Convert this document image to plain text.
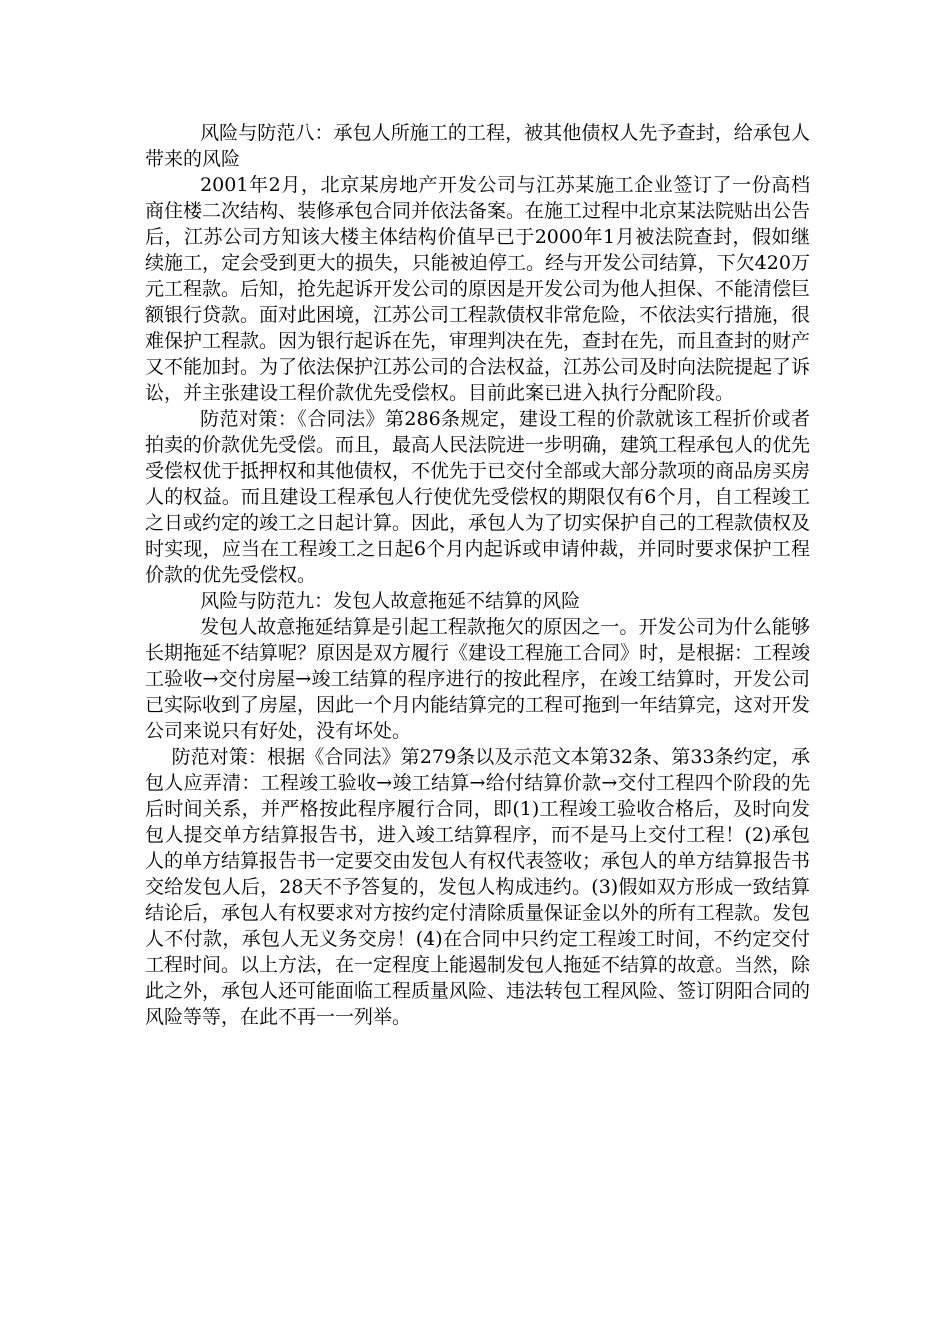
风险与防范八：承包人所施工的工程，被其他债权人先予查封，给承包人带来的风险

2001年2月，北京某房地产开发公司与江苏某施工企业签订了一份高档商住楼二次结构、装修承包合同并依法备案。在施工过程中北京某法院贴出公告后，江苏公司方知该大楼主体结构价值早已于2000年1月被法院查封，假如继续施工，定会受到更大的损失，只能被迫停工。经与开发公司结算，下欠420万元工程款。后知，抢先起诉开发公司的原因是开发公司为他人担保、不能清偿巨额银行贷款。面对此困境，江苏公司工程款债权非常危险，不依法实行措施，很难保护工程款。因为银行起诉在先，审理判决在先，查封在先，而且查封的财产又不能加封。为了依法保护江苏公司的合法权益，江苏公司及时向法院提起了诉讼，并主张建设工程价款优先受偿权。目前此案已进入执行分配阶段。

防范对策：《合同法》第286条规定，建设工程的价款就该工程折价或者拍卖的价款优先受偿。而且，最高人民法院进一步明确，建筑工程承包人的优先受偿权优于抵押权和其他债权，不优先于已交付全部或大部分款项的商品房买房人的权益。而且建设工程承包人行使优先受偿权的期限仅有6个月，自工程竣工之日或约定的竣工之日起计算。因此，承包人为了切实保护自己的工程款债权及时实现，应当在工程竣工之日起6个月内起诉或申请仲裁，并同时要求保护工程价款的优先受偿权。

风险与防范九：发包人故意拖延不结算的风险

发包人故意拖延结算是引起工程款拖欠的原因之一。开发公司为什么能够长期拖延不结算呢？原因是双方履行《建设工程施工合同》时，是根据：工程竣工验收→交付房屋→竣工结算的程序进行的按此程序，在竣工结算时，开发公司已实际收到了房屋，因此一个月内能结算完的工程可拖到一年结算完，这对开发公司来说只有好处，没有坏处。

防范对策：根据《合同法》第279条以及示范文本第32条、第33条约定，承包人应弄清：工程竣工验收→竣工结算→给付结算价款→交付工程四个阶段的先后时间关系，并严格按此程序履行合同，即(1)工程竣工验收合格后，及时向发包人提交单方结算报告书，进入竣工结算程序，而不是马上交付工程！(2)承包人的单方结算报告书一定要交由发包人有权代表签收；承包人的单方结算报告书交给发包人后，28天不予答复的，发包人构成违约。(3)假如双方形成一致结算结论后，承包人有权要求对方按约定付清除质量保证金以外的所有工程款。发包人不付款，承包人无义务交房！(4)在合同中只约定工程竣工时间，不约定交付工程时间。以上方法，在一定程度上能遏制发包人拖延不结算的故意。当然，除此之外，承包人还可能面临工程质量风险、违法转包工程风险、签订阴阳合同的风险等等，在此不再一一列举。
